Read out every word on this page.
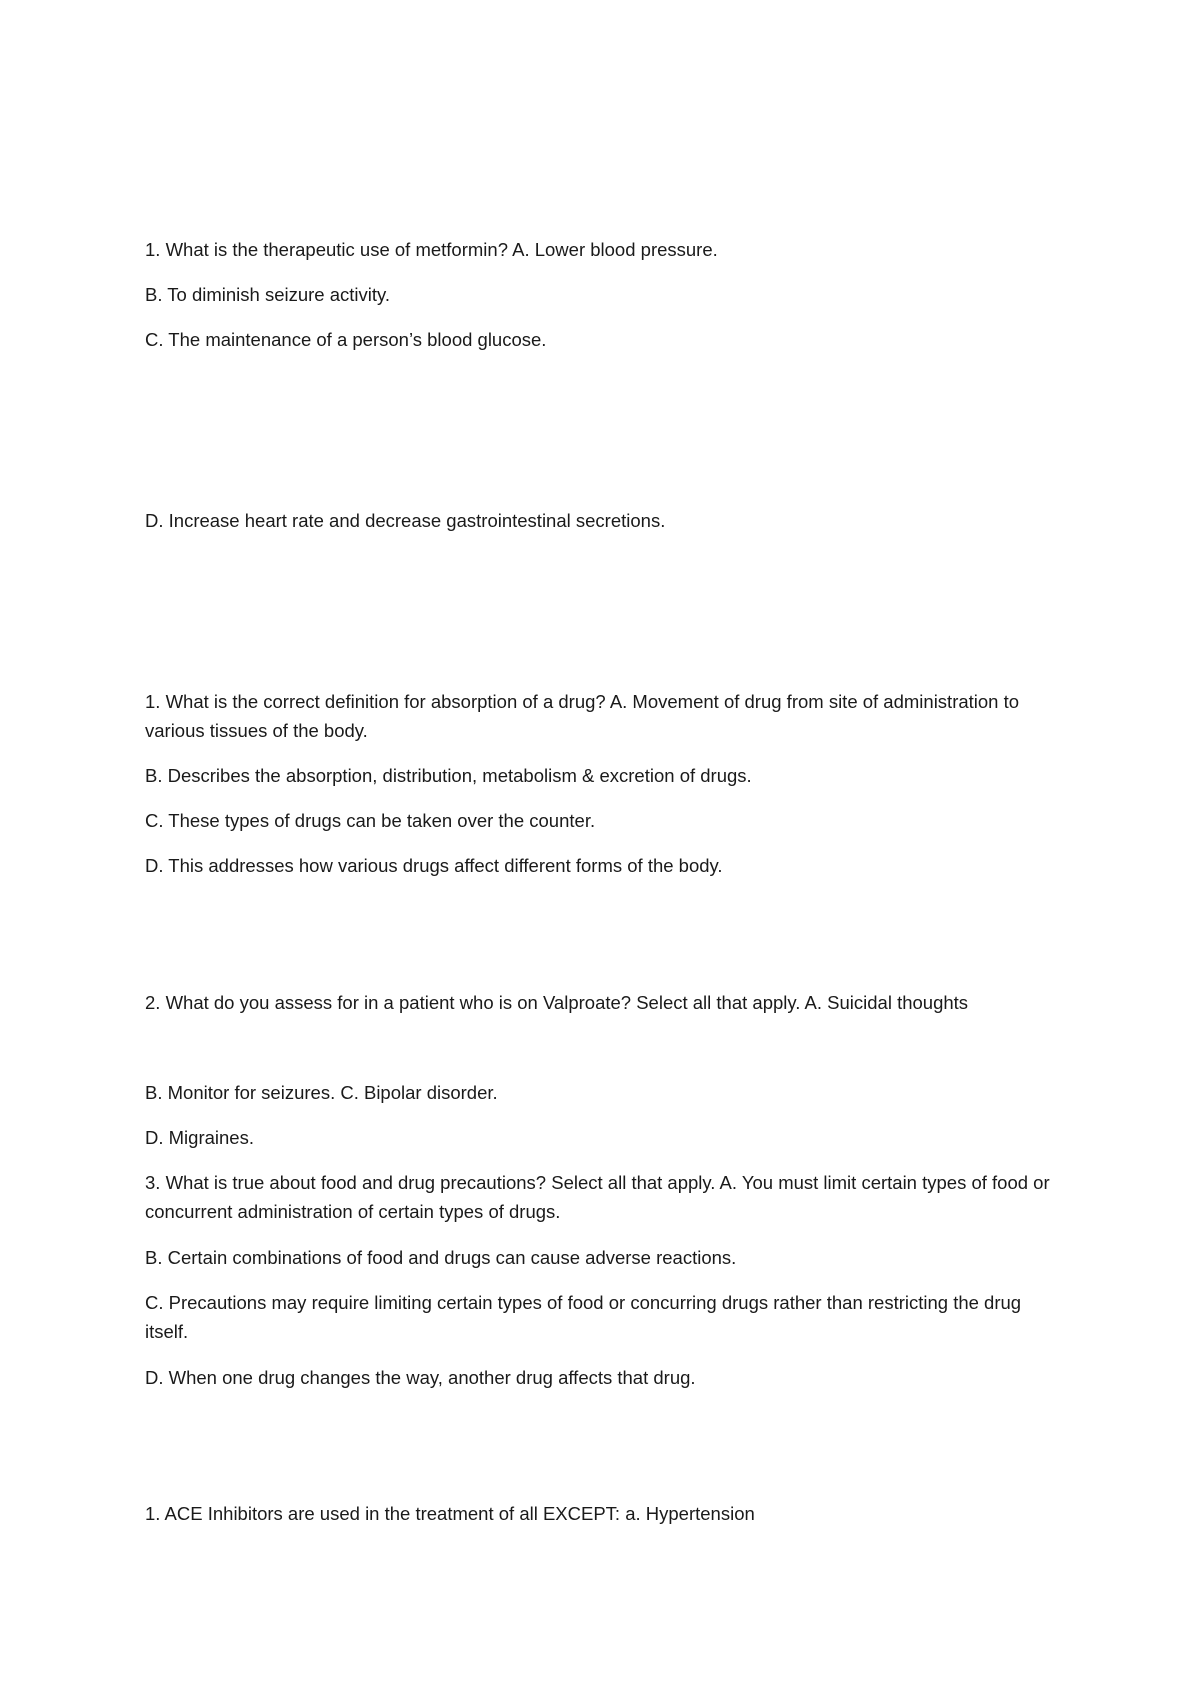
1. What is the therapeutic use of metformin? A. Lower blood pressure.

B. To diminish seizure activity.

C. The maintenance of a person’s blood glucose.

D. Increase heart rate and decrease gastrointestinal secretions.

1. What is the correct definition for absorption of a drug? A. Movement of drug from site of administration to various tissues of the body.

B. Describes the absorption, distribution, metabolism & excretion of drugs.

C. These types of drugs can be taken over the counter.

D. This addresses how various drugs affect different forms of the body.

2. What do you assess for in a patient who is on Valproate? Select all that apply. A. Suicidal thoughts

B. Monitor for seizures. C. Bipolar disorder.

D. Migraines.

3. What is true about food and drug precautions? Select all that apply. A. You must limit certain types of food or concurrent administration of certain types of drugs.

B. Certain combinations of food and drugs can cause adverse reactions.

C. Precautions may require limiting certain types of food or concurring drugs rather than restricting the drug itself.

D. When one drug changes the way, another drug affects that drug.

1. ACE Inhibitors are used in the treatment of all EXCEPT: a. Hypertension
